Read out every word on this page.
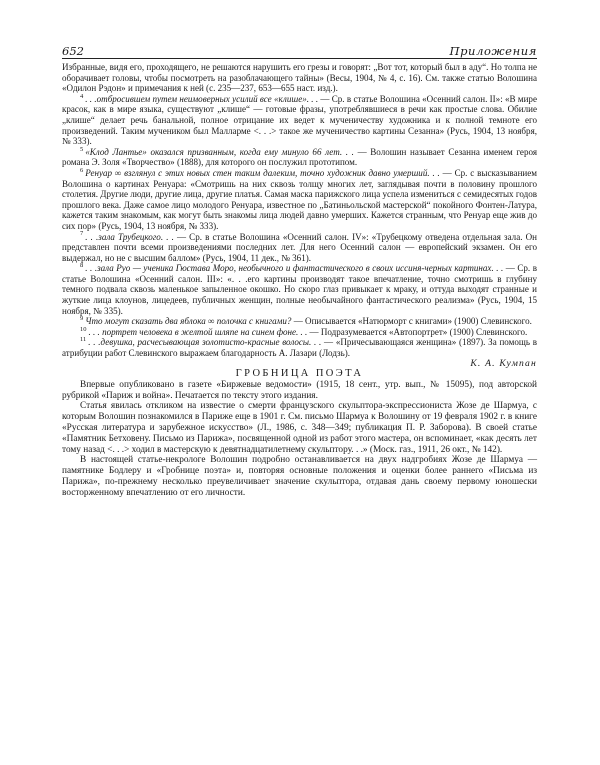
652	Приложения

Избранные, видя его, проходящего, не решаются нарушить его грезы и говорят: „Вот тот, который был в аду“. Но толпа не оборачивает головы, чтобы посмотреть на разоблачающего тайны» (Весы, 1904, № 4, с. 16). См. также статью Волошина «Одилон Рэдон» и примечания к ней (с. 235—237, 653—655 наст. изд.).

$^4$ . . .отбросившем путем неимоверных усилий все «клише». . . — Ср. в статье Волошина «Осенний салон. II»: «В мире красок, как в мире языка, существуют „клише“ — готовые фразы, употреблявшиеся в речи как простые слова. Обилие „клише“ делает речь банальной, полное отрицание их ведет к мученичеству художника и к полной темноте его произведений. Таким мучеником был Малларме <. . .> такое же мученичество картины Сезанна» (Русь, 1904, 13 ноября, № 333).

$^5$ «Клод Лантье» оказался призванным, когда ему минуло 66 лет. . . — Волошин называет Сезанна именем героя романа Э. Золя «Творчество» (1888), для которого он послужил прототипом.

$^6$ Ренуар ∞ взглянул с этих новых стен таким далеким, точно художник давно умерший. . . — Ср. с высказыванием Волошина о картинах Ренуара: «Смотришь на них сквозь толщу многих лет, заглядывая почти в половину прошлого столетия. Другие люди, другие лица, другие платья. Самая маска парижского лица успела измениться с семидесятых годов прошлого века. Даже самое лицо молодого Ренуара, известное по „Батиньольской мастерской“ покойного Фонтен-Латура, кажется таким знакомым, как могут быть знакомы лица людей давно умерших. Кажется странным, что Ренуар еще жив до сих пор» (Русь, 1904, 13 ноября, № 333).

$^7$ . . .зала Трубецкого. . . — Ср. в статье Волошина «Осенний салон. IV»: «Трубецкому отведена отдельная зала. Он представлен почти всеми произведениями последних лет. Для него Осенний салон — европейский экзамен. Он его выдержал, но не с высшим баллом» (Русь, 1904, 11 дек., № 361).

$^8$ . . .зала Руо — ученика Гюстава Моро, необычного и фантастического в своих иссиня-черных картинах. . . — Ср. в статье Волошина «Осенний салон. III»: «. . .его картины производят такое впечатление, точно смотришь в глубину темного подвала сквозь маленькое запыленное окошко. Но скоро глаз привыкает к мраку, и оттуда выходят странные и жуткие лица клоунов, лицедеев, публичных женщин, полные необычайного фантастического реализма» (Русь, 1904, 15 ноября, № 335).

$^9$ Что могут сказать два яблока ∞ полочка с книгами? — Описывается «Натюрморт с книгами» (1900) Слевинского.

$^{10}$ . . . портрет человека в желтой шляпе на синем фоне. . . — Подразумевается «Автопортрет» (1900) Слевинского.

$^{11}$ . . .девушка, расчесывающая золотисто-красные волосы. . . — «Причесывающаяся женщина» (1897). За помощь в атрибуции работ Слевинского выражаем благодарность А. Лазари (Лодзь).

К. А. Кумпан

ГРОБНИЦА ПОЭТА

Впервые опубликовано в газете «Биржевые ведомости» (1915, 18 сент., утр. вып., № 15095), под авторской рубрикой «Париж и война». Печатается по тексту этого издания.

Статья явилась откликом на известие о смерти французского скульптора-экспрессиониста Жозе де Шармуа, с которым Волошин познакомился в Париже еще в 1901 г. См. письмо Шармуа к Волошину от 19 февраля 1902 г. в книге «Русская литература и зарубежное искусство» (Л., 1986, с. 348—349; публикация П. Р. Заборова). В своей статье «Памятник Бетховену. Письмо из Парижа», посвященной одной из работ этого мастера, он вспоминает, «как десять лет тому назад <. . .> ходил в мастерскую к девятнадцатилетнему скульптору. . .» (Моск. газ., 1911, 26 окт., № 142).

В настоящей статье-некрологе Волошин подробно останавливается на двух надгробиях Жозе де Шармуа — памятнике Бодлеру и «Гробнице поэта» и, повторяя основные положения и оценки более раннего «Письма из Парижа», по-прежнему несколько преувеличивает значение скульптора, отдавая дань своему первому юношески восторженному впечатлению от его личности.
